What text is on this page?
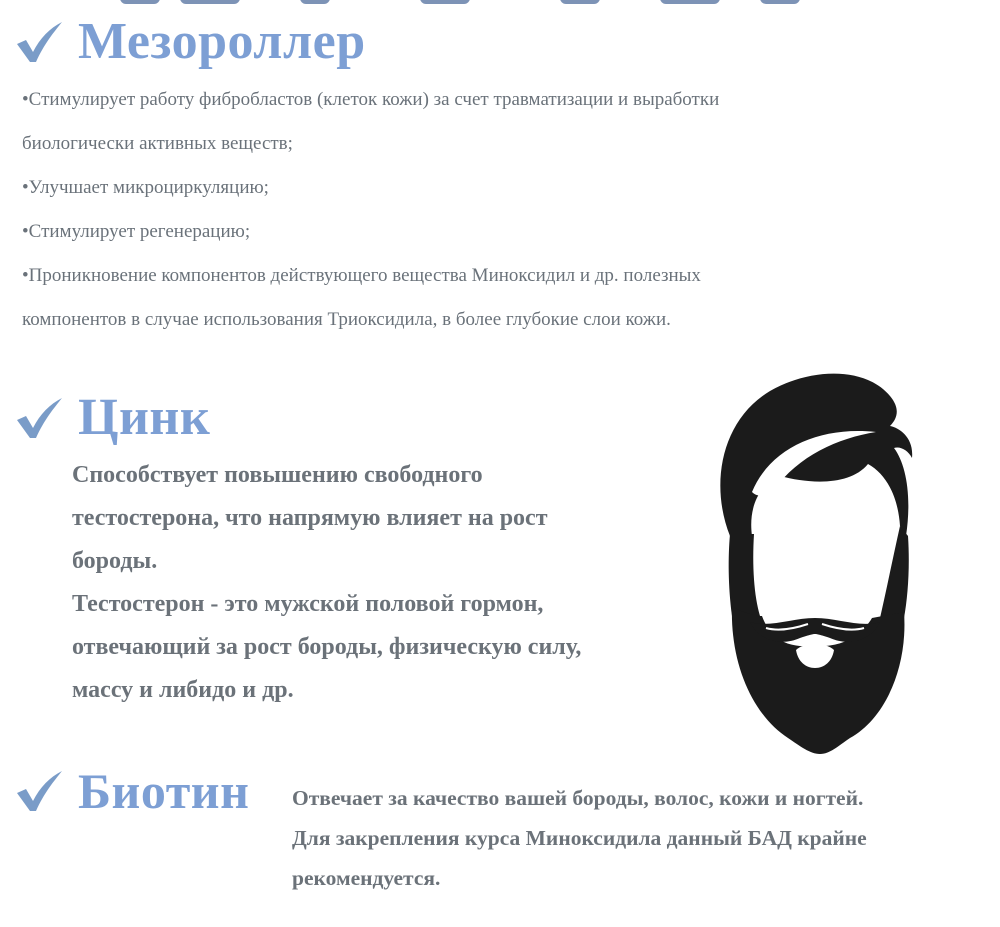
Мезороллер

•Стимулирует работу фибробластов (клеток кожи) за счет травматизации и выработки

биологически активных веществ;

•Улучшает микроциркуляцию;

•Стимулирует регенерацию;

•Проникновение компонентов действующего вещества Миноксидил и др. полезных

компонентов в случае использования Триоксидила, в более глубокие слои кожи.

Цинк

Способствует повышению свободного

тестостерона, что напрямую влияет на рост

бороды.

Тестостерон - это мужской половой гормон,

отвечающий за рост бороды, физическую силу,

массу и либидо и др.

Биотин Отвечает за качество вашей бороды, волос, кожи и ногтей.

Для закрепления курса Миноксидила данный БАД крайне

рекомендуется.
